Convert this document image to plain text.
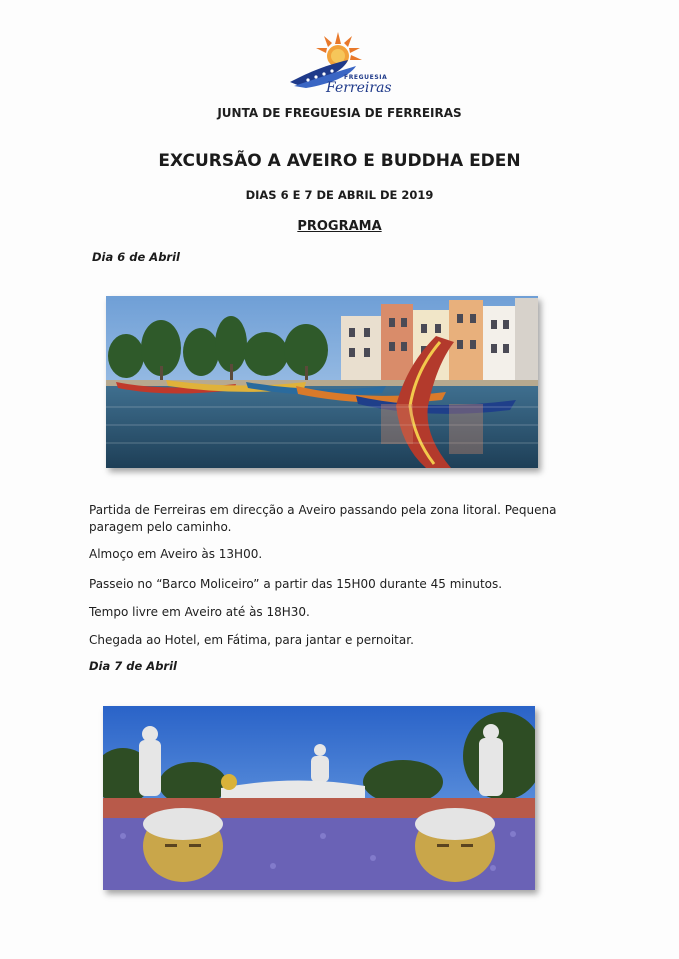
FREGUESIA
Ferreiras
JUNTA DE FREGUESIA DE FERREIRAS
EXCURSÃO A AVEIRO E BUDDHA EDEN
DIAS 6 E 7 DE ABRIL DE 2019
PROGRAMA
Dia 6 de Abril
Partida de Ferreiras em direcção a Aveiro passando pela zona litoral. Pequena paragem pelo caminho.
Almoço em Aveiro às 13H00.
Passeio no “Barco Moliceiro” a partir das 15H00 durante 45 minutos.
Tempo livre em Aveiro até às 18H30.
Chegada ao Hotel, em Fátima, para jantar e pernoitar.
Dia 7 de Abril
